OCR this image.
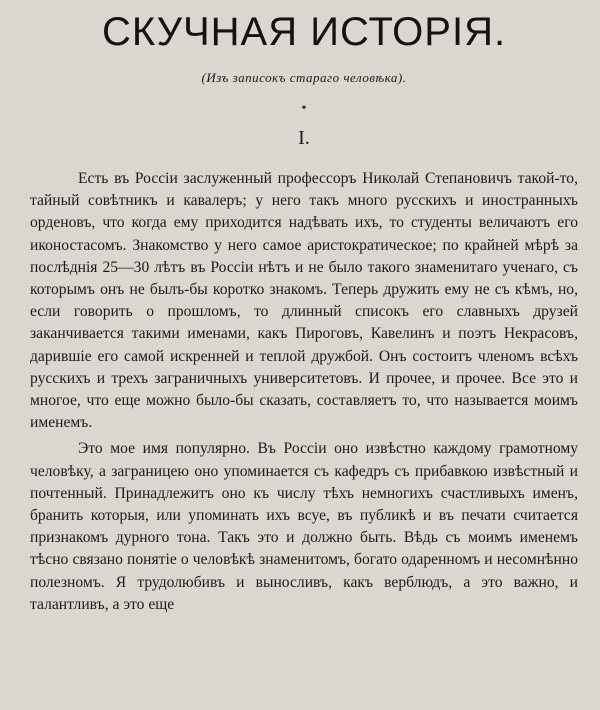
СКУЧНАЯ ИСТОРІЯ.
(Изъ записокъ стараго человѣка).
•
I.

Есть въ Россіи заслуженный профессоръ Николай Степановичъ такой-то, тайный совѣтникъ и кавалеръ; у него такъ много русскихъ и иностранныхъ орденовъ, что когда ему приходится надѣвать ихъ, то студенты величаютъ его иконостасомъ. Знакомство у него самое аристократическое; по крайней мѣрѣ за послѣднія 25—30 лѣтъ въ Россіи нѣтъ и не было такого знаменитаго ученаго, съ которымъ онъ не былъ-бы коротко знакомъ. Теперь дружить ему не съ кѣмъ, но, если говорить о прошломъ, то длинный списокъ его славныхъ друзей заканчивается такими именами, какъ Пироговъ, Кавелинъ и поэтъ Некрасовъ, дарившіе его самой искренней и теплой дружбой. Онъ состоитъ членомъ всѣхъ русскихъ и трехъ заграничныхъ университетовъ. И прочее, и прочее. Все это и многое, что еще можно было-бы сказать, составляетъ то, что называется моимъ именемъ.

Это мое имя популярно. Въ Россіи оно извѣстно каждому грамотному человѣку, а заграницею оно упоминается съ кафедръ съ прибавкою извѣстный и почтенный. Принадлежитъ оно къ числу тѣхъ немногихъ счастливыхъ именъ, бранить которыя, или упоминать ихъ всуе, въ публикѣ и въ печати считается признакомъ дурного тона. Такъ это и должно быть. Вѣдь съ моимъ именемъ тѣсно связано понятіе о человѣкѣ знаменитомъ, богато одаренномъ и несомнѣнно полезномъ. Я трудолюбивъ и выносливъ, какъ верблюдъ, а это важно, и талантливъ, а это еще
